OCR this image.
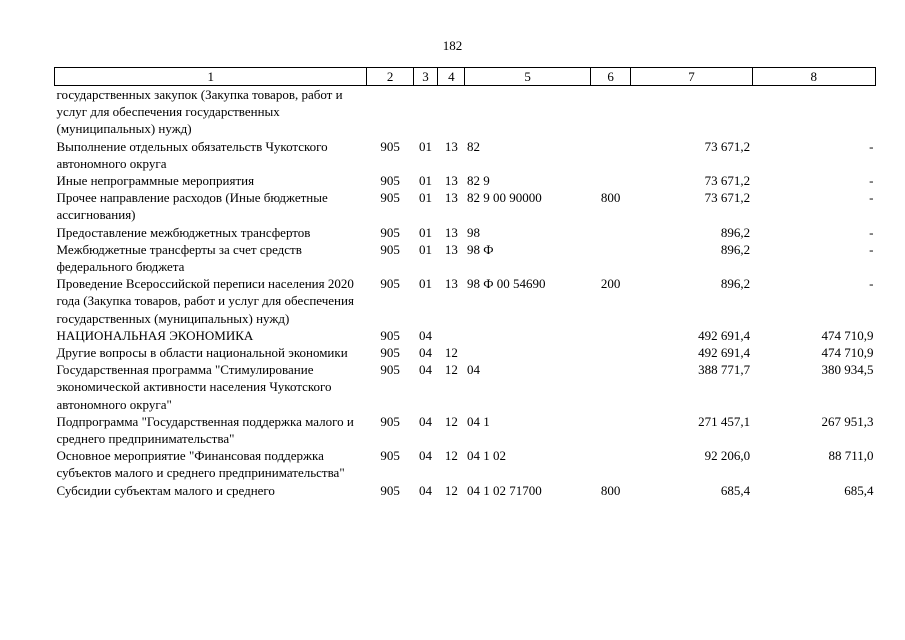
182
1	2	3	4	5	6	7	8
государственных закупок (Закупка товаров, работ и услуг для обеспечения государственных (муниципальных) нужд)							
Выполнение отдельных обязательств Чукотского автономного округа	905	01	13	82		73 671,2	-
Иные непрограммные мероприятия	905	01	13	82 9		73 671,2	-
Прочее направление расходов (Иные бюджетные ассигнования)	905	01	13	82 9 00 90000	800	73 671,2	-
Предоставление межбюджетных трансфертов	905	01	13	98		896,2	-
Межбюджетные трансферты за счет средств федерального бюджета	905	01	13	98 Ф		896,2	-
Проведение Всероссийской переписи населения 2020 года (Закупка товаров, работ и услуг для обеспечения государственных (муниципальных) нужд)	905	01	13	98 Ф 00 54690	200	896,2	-
НАЦИОНАЛЬНАЯ ЭКОНОМИКА	905	04				492 691,4	474 710,9
Другие вопросы в области национальной экономики	905	04	12			492 691,4	474 710,9
Государственная программа "Стимулирование экономической активности населения Чукотского автономного округа"	905	04	12	04		388 771,7	380 934,5
Подпрограмма "Государственная поддержка малого и среднего предпринимательства"	905	04	12	04 1		271 457,1	267 951,3
Основное мероприятие "Финансовая поддержка субъектов малого и среднего предпринимательства"	905	04	12	04 1 02		92 206,0	88 711,0
Субсидии субъектам малого и среднего	905	04	12	04 1 02 71700	800	685,4	685,4
